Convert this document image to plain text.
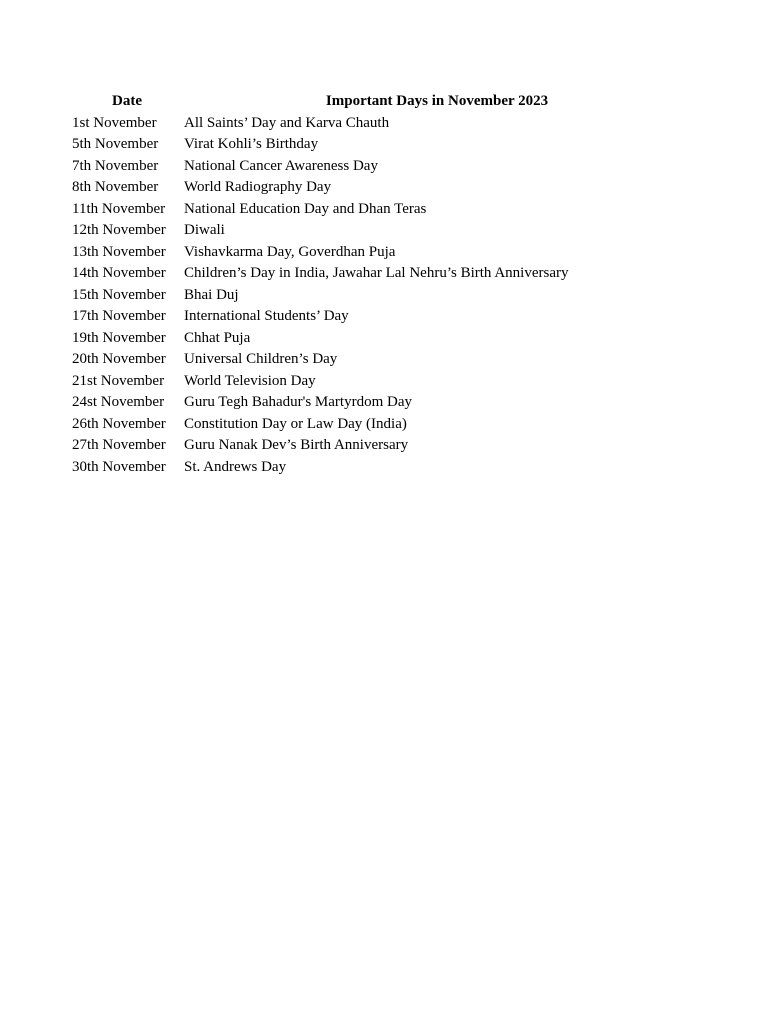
Date	Important Days in November 2023
1st November	All Saints’ Day and Karva Chauth
5th November	Virat Kohli’s Birthday
7th November	National Cancer Awareness Day
8th November	World Radiography Day
11th November	National Education Day and Dhan Teras
12th November	Diwali
13th November	Vishavkarma Day, Goverdhan Puja
14th November	Children’s Day in India, Jawahar Lal Nehru’s Birth Anniversary
15th November	Bhai Duj
17th November	International Students’ Day
19th November	Chhat Puja
20th November	Universal Children’s Day
21st November	World Television Day
24st November	Guru Tegh Bahadur's Martyrdom Day
26th November	Constitution Day or Law Day (India)
27th November	Guru Nanak Dev’s Birth Anniversary
30th November	St. Andrews Day
